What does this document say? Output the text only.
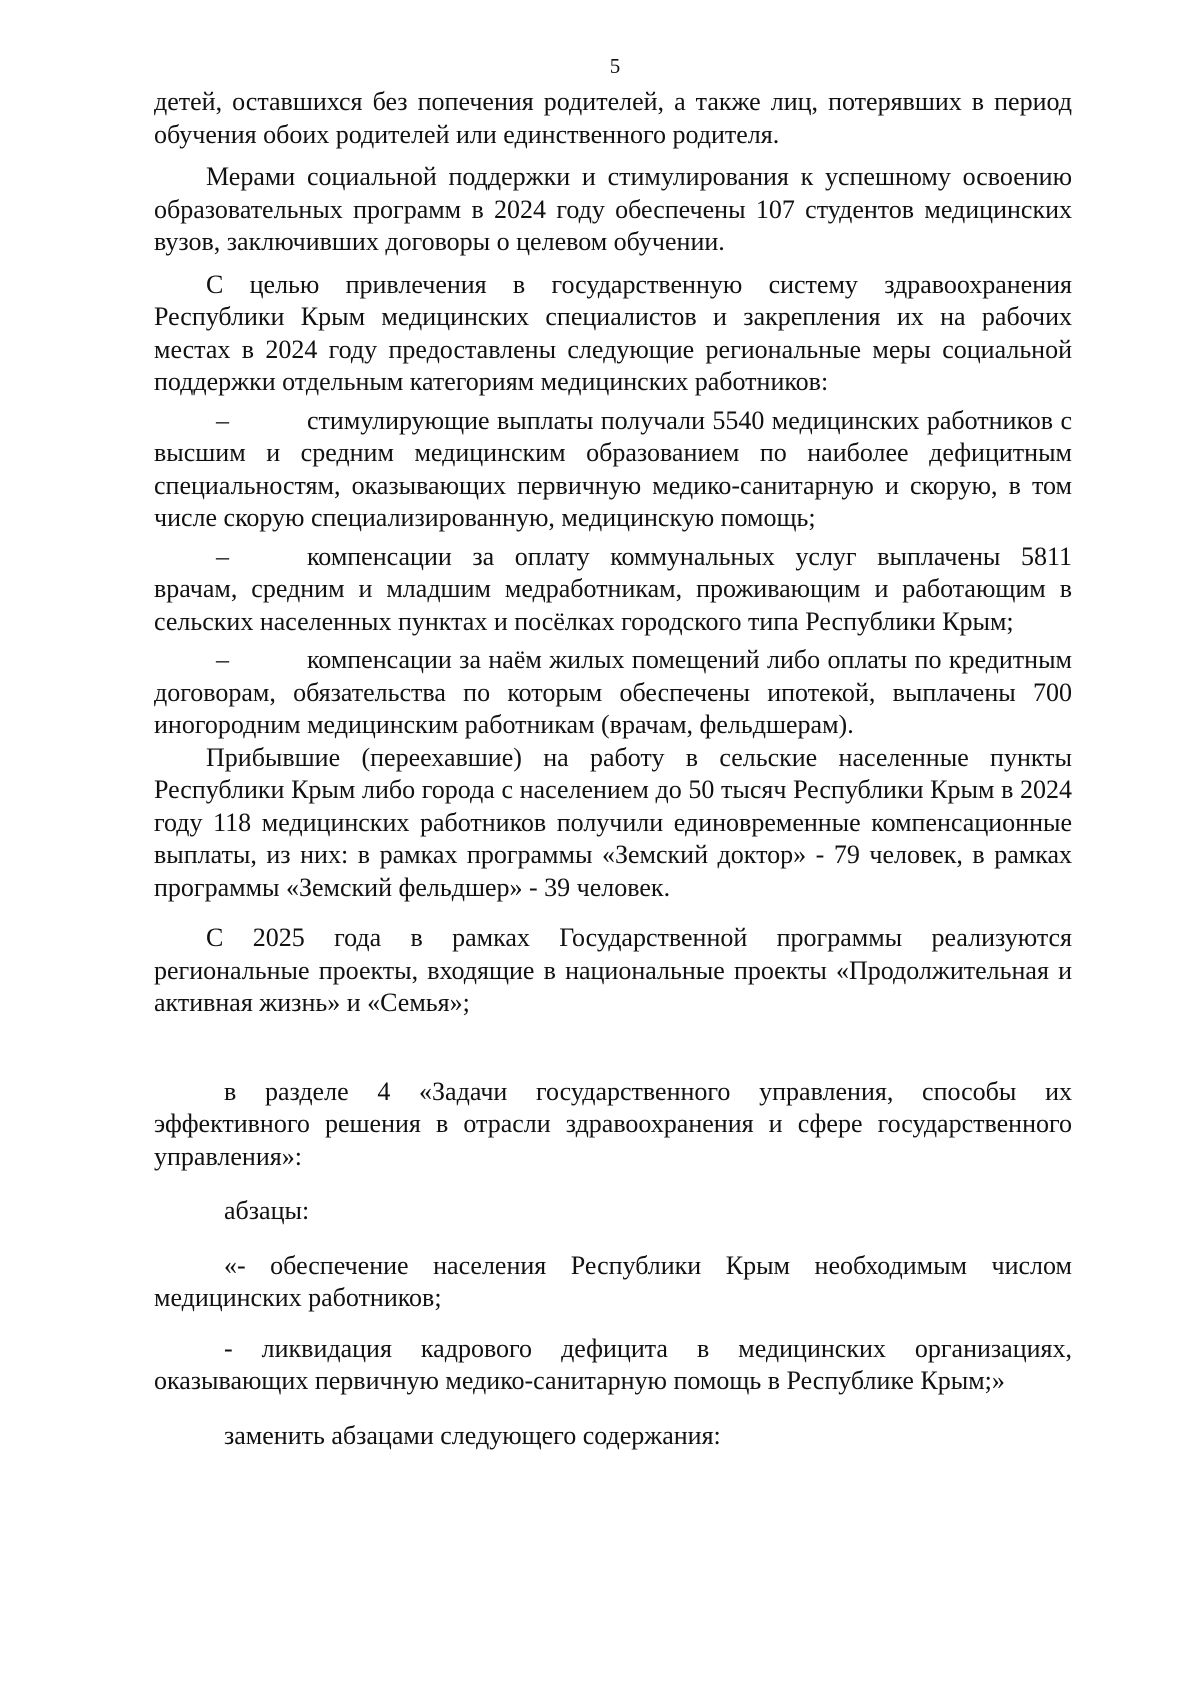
5

детей, оставшихся без попечения родителей, а также лиц, потерявших в период обучения обоих родителей или единственного родителя.

Мерами социальной поддержки и стимулирования к успешному освоению образовательных программ в 2024 году обеспечены 107 студентов медицинских вузов, заключивших договоры о целевом обучении.

С целью привлечения в государственную систему здравоохранения Республики Крым медицинских специалистов и закрепления их на рабочих местах в 2024 году предоставлены следующие региональные меры социальной поддержки отдельным категориям медицинских работников:

–   стимулирующие выплаты получали 5540 медицинских работников с высшим и средним медицинским образованием по наиболее дефицитным специальностям, оказывающих первичную медико-санитарную и скорую, в том числе скорую специализированную, медицинскую помощь;

–   компенсации за оплату коммунальных услуг выплачены 5811 врачам, средним и младшим медработникам, проживающим и работающим в сельских населенных пунктах и посёлках городского типа Республики Крым;

–   компенсации за наём жилых помещений либо оплаты по кредитным договорам, обязательства по которым обеспечены ипотекой, выплачены 700 иногородним медицинским работникам (врачам, фельдшерам).

Прибывшие (переехавшие) на работу в сельские населенные пункты Республики Крым либо города с населением до 50 тысяч Республики Крым в 2024 году 118 медицинских работников получили единовременные компенсационные выплаты, из них: в рамках программы «Земский доктор» - 79 человек, в рамках программы «Земский фельдшер» - 39 человек.

С 2025 года в рамках Государственной программы реализуются региональные проекты, входящие в национальные проекты «Продолжительная и активная жизнь» и «Семья»;

в разделе 4 «Задачи государственного управления, способы их эффективного решения в отрасли здравоохранения и сфере государственного управления»:

абзацы:

«- обеспечение населения Республики Крым необходимым числом медицинских работников;

- ликвидация кадрового дефицита в медицинских организациях, оказывающих первичную медико-санитарную помощь в Республике Крым;»

заменить абзацами следующего содержания:
